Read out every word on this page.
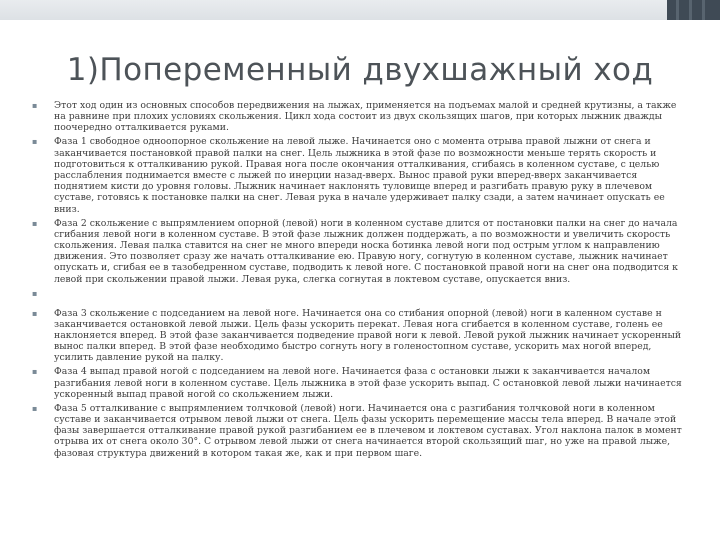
1)Попеременный двухшажный ход
▪ Этот ход один из основных способов передвижения на лыжах, применяется на подъемах малой и средней крутизны, а также на равнине при плохих условиях скольжения. Цикл хода состоит из двух скользящих шагов, при которых лыжник дважды поочередно отталкивается руками.
▪ Фаза 1 свободное одноопорное скольжение на левой лыже. Начинается оно с момента отрыва правой лыжни от снега и заканчивается постановкой правой палки на снег. Цель лыжника в этой фазе по возможности меньше терять скорость и подготовиться к отталкиванию рукой. Правая нога после окончания отталкивания, сгибаясь в коленном суставе, с целью расслабления поднимается вместе с лыжей по инерции назад-вверх. Вынос правой руки вперед-вверх заканчивается поднятием кисти до уровня головы. Лыжник начинает наклонять туловище вперед и разгибать правую руку в плечевом суставе, готовясь к постановке палки на снег. Левая рука в начале удерживает палку сзади, а затем начинает опускать ее вниз.
▪ Фаза 2 скольжение с выпрямлением опорной (левой) ноги в коленном суставе длится от постановки палки на снег до начала сгибания левой ноги в коленном суставе. В этой фазе лыжник должен поддержать, а по возможности и увеличить скорость скольжения. Левая палка ставится на снег не много впереди носка ботинка левой ноги под острым углом к направлению движения. Это позволяет сразу же начать отталкивание ею. Правую ногу, согнутую в коленном суставе, лыжник начинает опускать и, сгибая ее в тазобедренном суставе, подводить к левой ноге. С постановкой правой ноги на снег она подводится к левой при скольжении правой лыжи. Левая рука, слегка согнутая в локтевом суставе, опускается вниз.
▪
▪ Фаза 3 скольжение с подседанием на левой ноге. Начинается она со стибания опорной (левой) ноги в каленном суставе н заканчивается остановкой левой лыжи. Цель фазы ускорить перекат. Левая нога сгибается в коленном суставе, голень ее наклоняется вперед. В этой фазе заканчивается подведение правой ноги к левой. Левой рукой лыжник начинает ускоренный вынос палки вперед. В этой фазе необходимо быстро согнуть ногу в голеностопном суставе, ускорить мах ногой вперед, усилить давление рукой на палку.
▪ Фаза 4 выпад правой ногой с подседанием на левой ноге. Начинается фаза с остановки лыжи к заканчивается началом разгибания левой ноги в коленном суставе. Цель лыжника в этой фазе ускорить выпад. С остановкой левой лыжи начинается ускоренный выпад правой ногой со скольжением лыжи.
▪ Фаза 5 отталкивание с выпрямлением толчковой (левой) ноги. Начинается она с разгибания толчковой ноги в коленном суставе и заканчивается отрывом левой лыжи от снега. Цель фазы ускорить перемещение массы тела вперед. В начале этой фазы завершается отталкивание правой рукой разгибанием ее в плечевом и локтевом суставах. Угол наклона палок в момент отрыва их от снега около 30°. С отрывом левой лыжи от снега начинается второй скользящий шаг, но уже на правой лыже, фазовая структура движений в котором такая же, как и при первом шаге.
